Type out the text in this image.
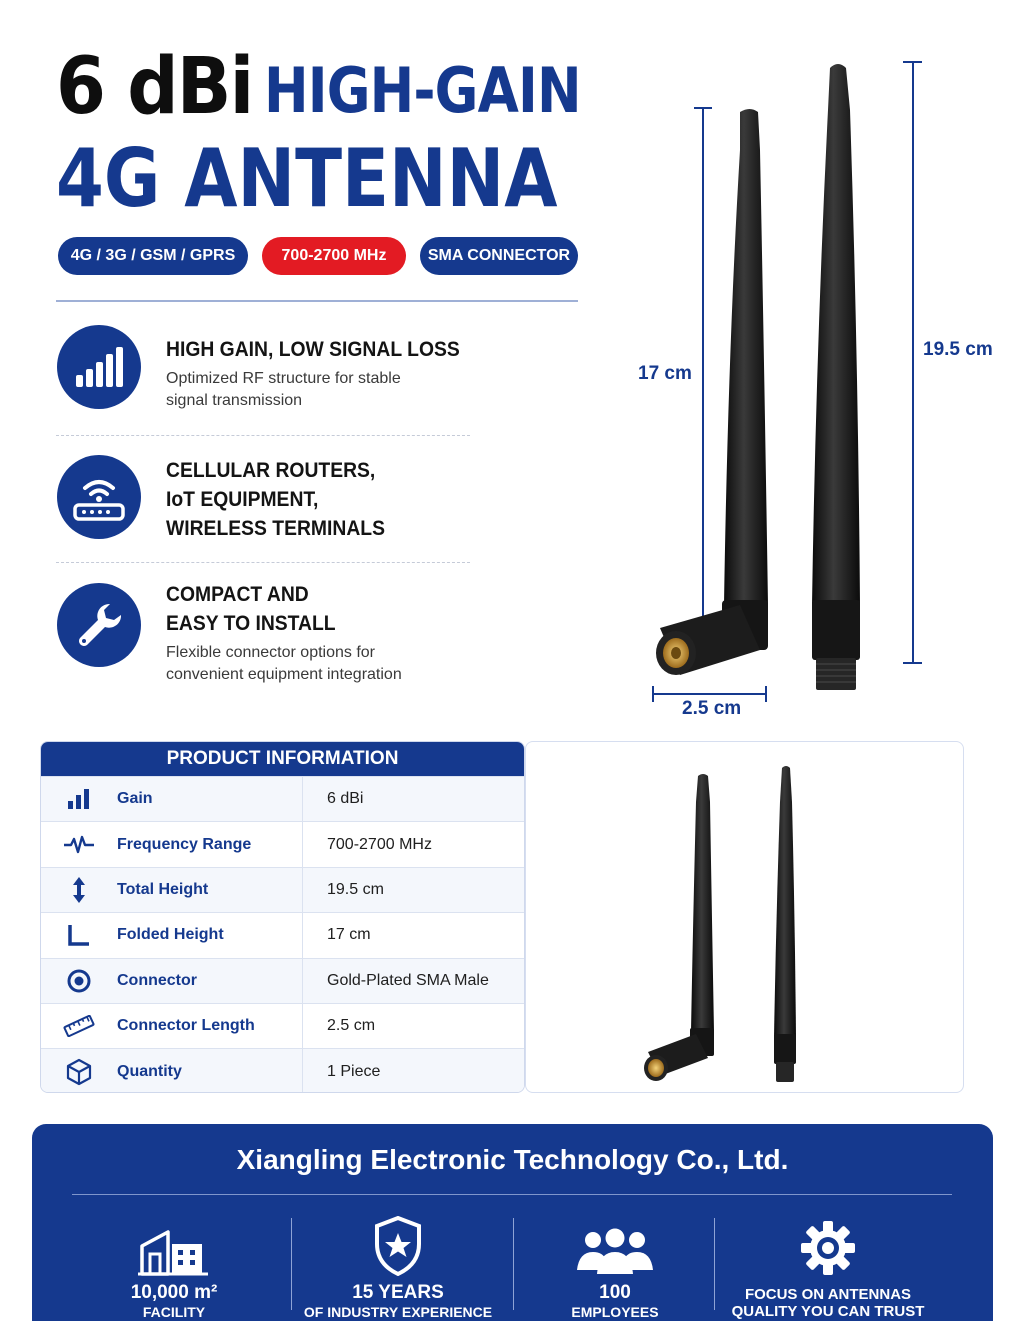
6 dBi HIGH-GAIN
4G ANTENNA
4G / 3G / GSM / GPRS	700-2700 MHz	SMA CONNECTOR
HIGH GAIN, LOW SIGNAL LOSS
Optimized RF structure for stable
signal transmission
CELLULAR ROUTERS,
IoT EQUIPMENT,
WIRELESS TERMINALS
COMPACT AND
EASY TO INSTALL
Flexible connector options for
convenient equipment integration
17 cm
19.5 cm
2.5 cm
PRODUCT INFORMATION
Gain	6 dBi
Frequency Range	700-2700 MHz
Total Height	19.5 cm
Folded Height	17 cm
Connector	Gold-Plated SMA Male
Connector Length	2.5 cm
Quantity	1 Piece
Xiangling Electronic Technology Co., Ltd.
10,000 m²
FACILITY
15 YEARS
OF INDUSTRY EXPERIENCE
100
EMPLOYEES
FOCUS ON ANTENNAS
QUALITY YOU CAN TRUST
